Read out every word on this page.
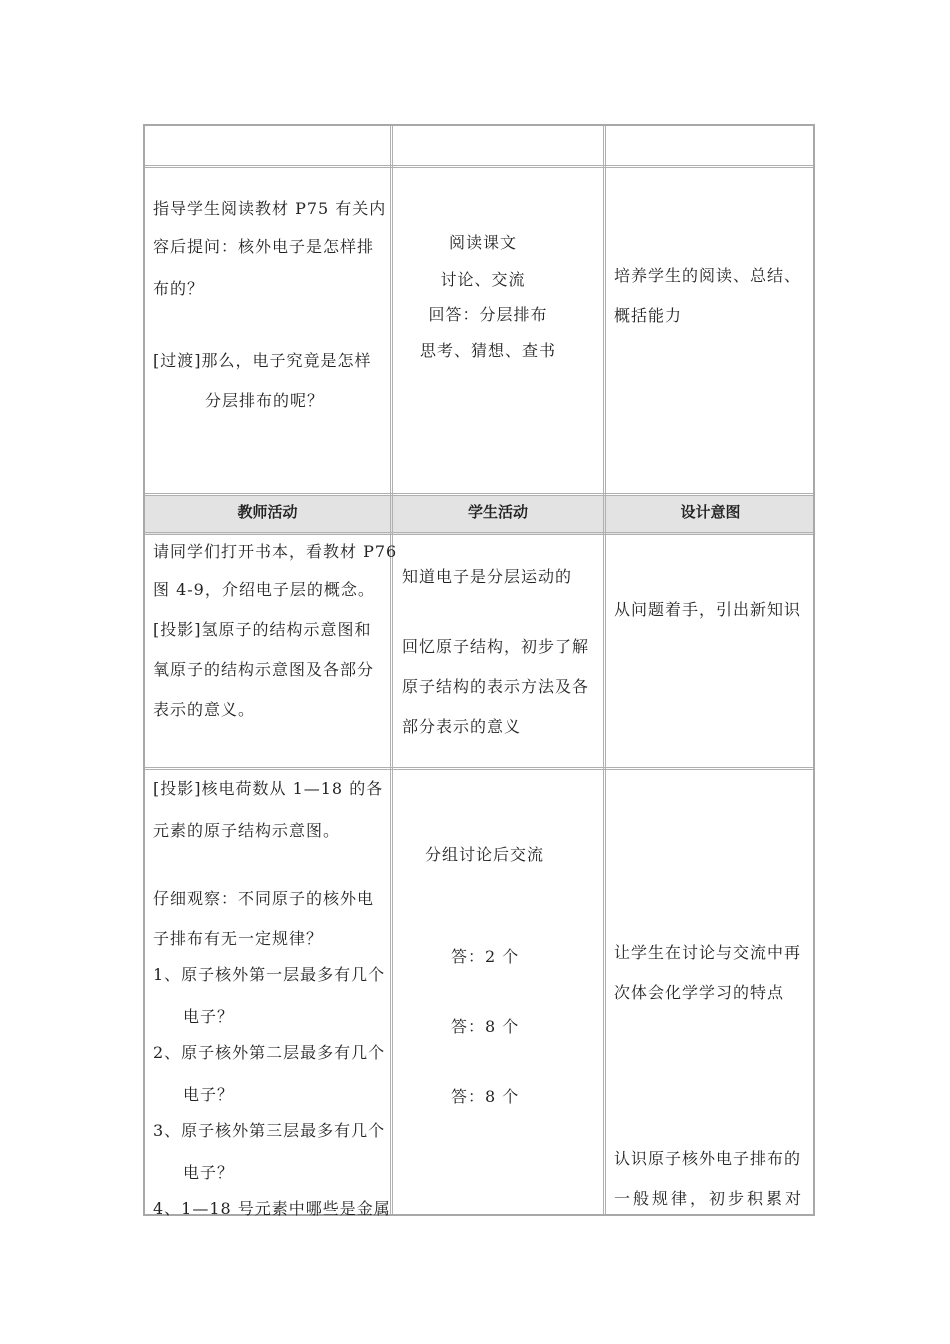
教师活动	学生活动	设计意图

指导学生阅读教材 P75 有关内

容后提问：核外电子是怎样排

布的？

[过渡]那么，电子究竟是怎样

分层排布的呢？

阅读课文

讨论、交流

回答：分层排布

思考、猜想、查书

培养学生的阅读、总结、

概括能力

请同学们打开书本，看教材 P76

图 4-9，介绍电子层的概念。

[投影]氢原子的结构示意图和

氧原子的结构示意图及各部分

表示的意义。

知道电子是分层运动的

回忆原子结构，初步了解

原子结构的表示方法及各

部分表示的意义

从问题着手，引出新知识

[投影]核电荷数从 1—18 的各

元素的原子结构示意图。

仔细观察：不同原子的核外电

子排布有无一定规律？

1、原子核外第一层最多有几个

电子？

2、原子核外第二层最多有几个

电子？

3、原子核外第三层最多有几个

电子？

4、1—18 号元素中哪些是金属

分组讨论后交流

答：2 个

答：8 个

答：8 个

让学生在讨论与交流中再

次体会化学学习的特点

认识原子核外电子排布的

一般规律，初步积累对
